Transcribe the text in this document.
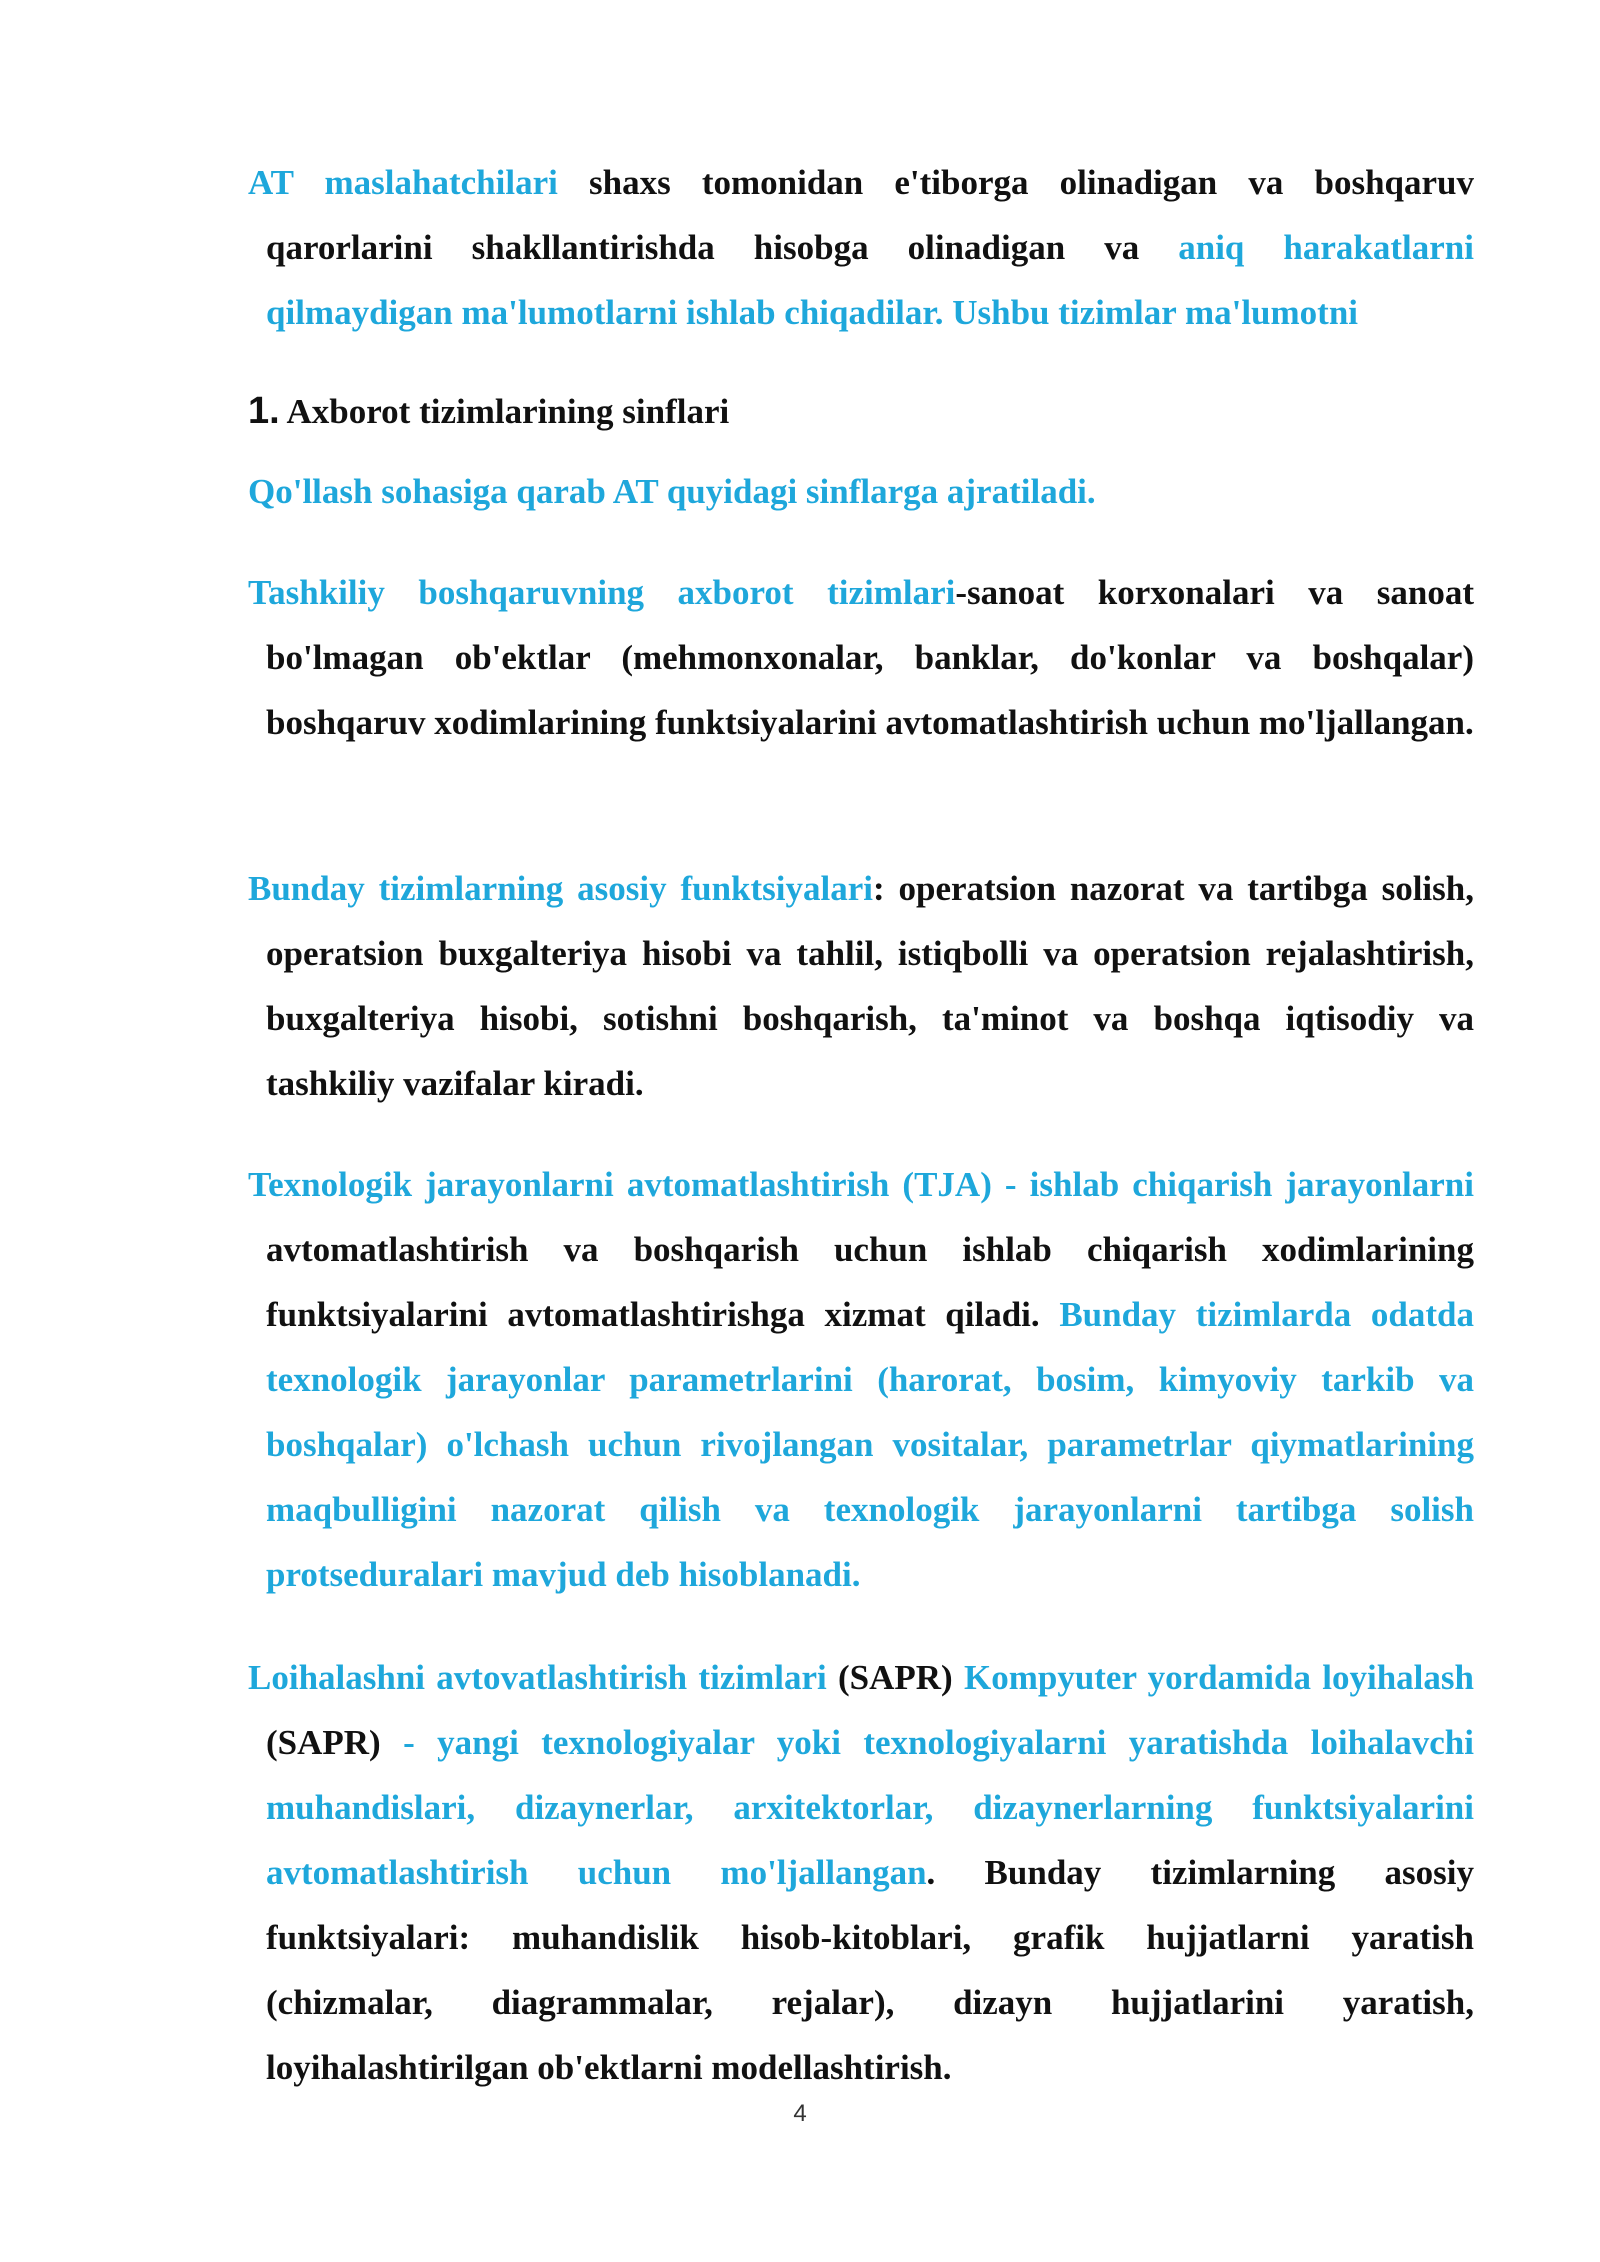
AT maslahatchilari shaxs tomonidan e'tiborga olinadigan va boshqaruv qarorlarini shakllantirishda hisobga olinadigan va aniq harakatlarni qilmaydigan ma'lumotlarni ishlab chiqadilar. Ushbu tizimlar ma'lumotni

1. Axborot tizimlarining sinflari

Qo'llash sohasiga qarab AT quyidagi sinflarga ajratiladi.

Tashkiliy boshqaruvning axborot tizimlari-sanoat korxonalari va sanoat bo'lmagan ob'ektlar (mehmonxonalar, banklar, do'konlar va boshqalar) boshqaruv xodimlarining funktsiyalarini avtomatlashtirish uchun mo'ljallangan.

Bunday tizimlarning asosiy funktsiyalari: operatsion nazorat va tartibga solish, operatsion buxgalteriya hisobi va tahlil, istiqbolli va operatsion rejalashtirish, buxgalteriya hisobi, sotishni boshqarish, ta'minot va boshqa iqtisodiy va tashkiliy vazifalar kiradi.

Texnologik jarayonlarni avtomatlashtirish (TJA) - ishlab chiqarish jarayonlarni avtomatlashtirish va boshqarish uchun ishlab chiqarish xodimlarining funktsiyalarini avtomatlashtirishga xizmat qiladi. Bunday tizimlarda odatda texnologik jarayonlar parametrlarini (harorat, bosim, kimyoviy tarkib va boshqalar) o'lchash uchun rivojlangan vositalar, parametrlar qiymatlarining maqbulligini nazorat qilish va texnologik jarayonlarni tartibga solish protseduralari mavjud deb hisoblanadi.

Loihalashni avtovatlashtirish tizimlari (SAPR) Kompyuter yordamida loyihalash (SAPR) - yangi texnologiyalar yoki texnologiyalarni yaratishda loihalavchi muhandislari, dizaynerlar, arxitektorlar, dizaynerlarning funktsiyalarini avtomatlashtirish uchun mo'ljallangan. Bunday tizimlarning asosiy funktsiyalari: muhandislik hisob-kitoblari, grafik hujjatlarni yaratish (chizmalar, diagrammalar, rejalar), dizayn hujjatlarini yaratish, loyihalashtirilgan ob'ektlarni modellashtirish.

4
